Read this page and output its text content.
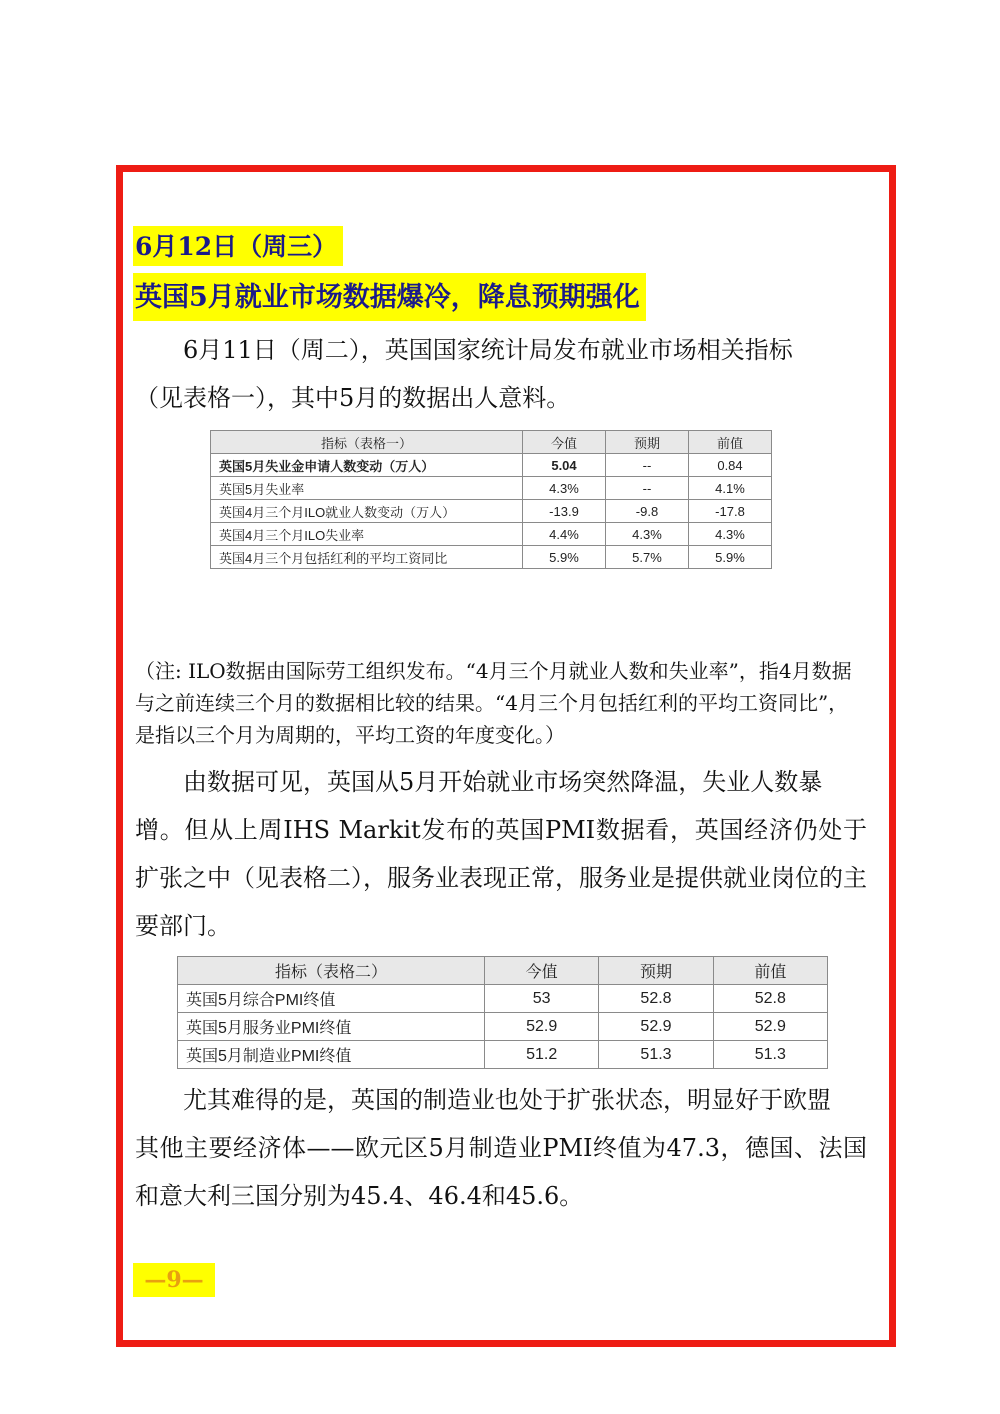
6月12日（周三）
英国5月就业市场数据爆冷，降息预期强化

6月11日（周二），英国国家统计局发布就业市场相关指标
（见表格一），其中5月的数据出人意料。

指标（表格一）	今值	预期	前值
英国5月失业金申请人数变动（万人）	5.04	--	0.84
英国5月失业率	4.3%	--	4.1%
英国4月三个月ILO就业人数变动（万人）	-13.9	-9.8	-17.8
英国4月三个月ILO失业率	4.4%	4.3%	4.3%
英国4月三个月包括红利的平均工资同比	5.9%	5.7%	5.9%

（注: ILO数据由国际劳工组织发布。“4月三个月就业人数和失业率”，指4月数据与之前连续三个月的数据相比较的结果。“4月三个月包括红利的平均工资同比”，是指以三个月为周期的，平均工资的年度变化。）

由数据可见，英国从5月开始就业市场突然降温，失业人数暴
增。但从上周IHS Markit发布的英国PMI数据看，英国经济仍处于扩张之中（见表格二），服务业表现正常，服务业是提供就业岗位的主要部门。

指标（表格二）	今值	预期	前值
英国5月综合PMI终值	53	52.8	52.8
英国5月服务业PMI终值	52.9	52.9	52.9
英国5月制造业PMI终值	51.2	51.3	51.3

尤其难得的是，英国的制造业也处于扩张状态，明显好于欧盟
其他主要经济体——欧元区5月制造业PMI终值为47.3，德国、法国和意大利三国分别为45.4、46.4和45.6。

—9—
